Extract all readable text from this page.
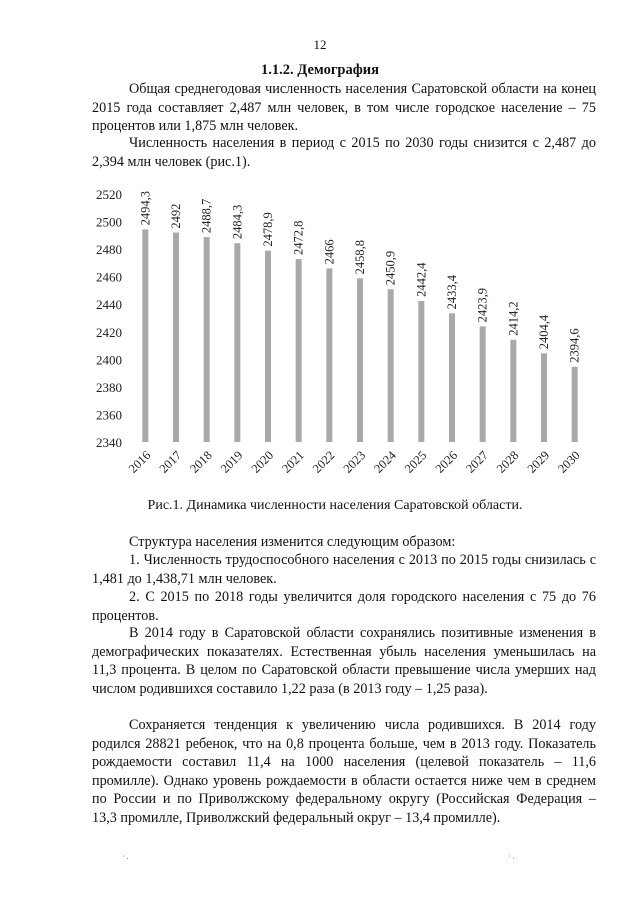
12
1.1.2. Демография

Общая среднегодовая численность населения Саратовской области на конец 2015 года составляет 2,487 млн человек, в том числе городское население – 75 процентов или 1,875 млн человек.

Численность населения в период с 2015 по 2030 годы снизится с 2,487 до 2,394 млн человек (рис.1).

2520
2500
2480
2460
2440
2420
2400
2380
2360
2340
2494,3
2016
2492
2017
2488,7
2018
2484,3
2019
2478,9
2020
2472,8
2021
2466
2022
2458,8
2023
2450,9
2024
2442,4
2025
2433,4
2026
2423,9
2027
2414,2
2028
2404,4
2029
2394,6
2030
Рис.1. Динамика численности населения Саратовской области.

Структура населения изменится следующим образом:

1. Численность трудоспособного населения с 2013 по 2015 годы снизилась с 1,481 до 1,438,71 млн человек.

2. С 2015 по 2018 годы увеличится доля городского населения с 75 до 76 процентов.

В 2014 году в Саратовской области сохранялись позитивные изменения в демографических показателях. Естественная убыль населения уменьшилась на 11,3 процента. В целом по Саратовской области превышение числа умерших над числом родившихся составило 1,22 раза (в 2013 году – 1,25 раза).

Сохраняется тенденция к увеличению числа родившихся. В 2014 году родился 28821 ребенок, что на 0,8 процента больше, чем в 2013 году. Показатель рождаемости составил 11,4 на 1000 населения (целевой показатель – 11,6 промилле). Однако уровень рождаемости в области остается ниже чем в среднем по России и по Приволжскому федеральному округу (Российская Федерация – 13,3 промилле, Приволжский федеральный округ – 13,4 промилле).

· .	· .
